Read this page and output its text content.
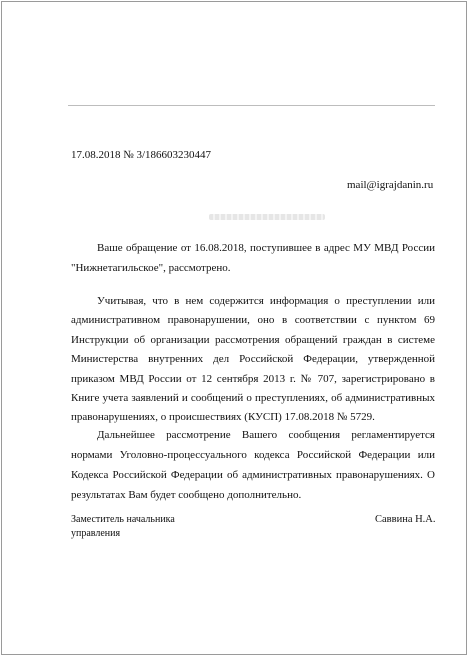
17.08.2018 № 3/186603230447
mail@igrajdanin.ru

Ваше обращение от 16.08.2018, поступившее в адрес МУ МВД России "Нижнетагильское", рассмотрено.

Учитывая, что в нем содержится информация о преступлении или административном правонарушении, оно в соответствии с пунктом 69 Инструкции об организации рассмотрения обращений граждан в системе Министерства внутренних дел Российской Федерации, утвержденной приказом МВД России от 12 сентября 2013 г. № 707, зарегистрировано в Книге учета заявлений и сообщений о преступлениях, об административных правонарушениях, о происшествиях (КУСП) 17.08.2018 № 5729.

Дальнейшее рассмотрение Вашего сообщения регламентируется нормами Уголовно-процессуального кодекса Российской Федерации или Кодекса Российской Федерации об административных правонарушениях. О результатах Вам будет сообщено дополнительно.

Заместитель начальника
управления
Саввина Н.А.
